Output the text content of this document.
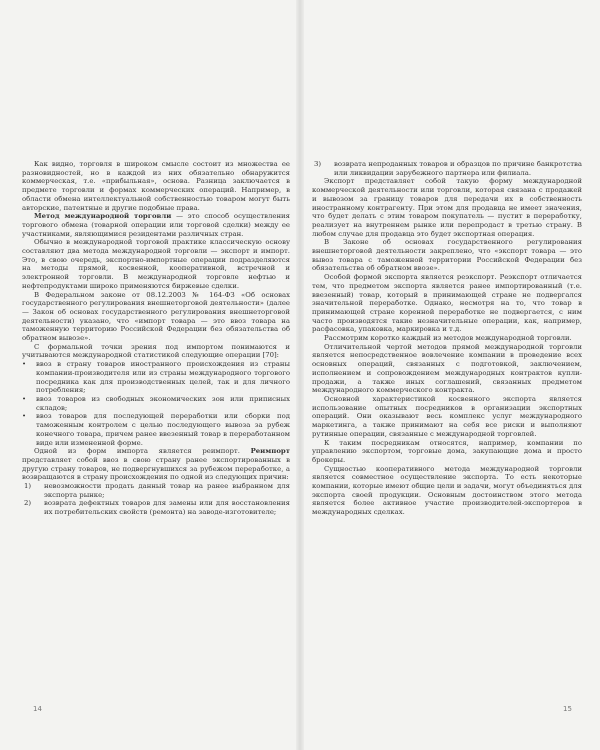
Как видно, торговля в широком смысле состоит из множества ее разновидностей, но в каждой из них обязательно обнаружится коммерческая, т.е. «прибыльная», основа. Разница заключается в предмете торговли и формах коммерческих операций. Например, в области обмена интеллектуальной собственностью товаром могут быть авторские, патентные и другие подобные права.

Метод международной торговли — это способ осуществления торгового обмена (товарной операции или торговой сделки) между ее участниками, являющимися резидентами различных стран.

Обычно в международной торговой практике классическую основу составляют два метода международной торговли — экспорт и импорт. Это, в свою очередь, экспортно-импортные операции подразделяются на методы прямой, косвенной, кооперативной, встречной и электронной торговли. В международной торговле нефтью и нефтепродуктами широко применяются биржевые сделки.

В Федеральном законе от 08.12.2003 № 164-ФЗ «Об основах государственного регулирования внешнеторговой деятельности» (далее — Закон об основах государственного регулирования внешнеторговой деятельности) указано, что «импорт товара — это ввоз товара на таможенную территорию Российской Федерации без обязательства об обратном вывозе».

С формальной точки зрения под импортом понимаются и учитываются международной статистикой следующие операции [70]:

• ввоз в страну товаров иностранного происхождения из страны компании-производителя или из страны международного торгового посредника как для производственных целей, так и для личного потребления;
• ввоз товаров из свободных экономических зон или приписных складов;
• ввоз товаров для последующей переработки или сборки под таможенным контролем с целью последующего вывоза за рубеж конечного товара, причем ранее ввезенный товар в переработанном виде или измененной форме.

Одной из форм импорта является реимпорт. Реимпорт представляет собой ввоз в свою страну ранее экспортированных в другую страну товаров, не подвергнувшихся за рубежом переработке, а возвращаются в страну происхождения по одной из следующих причин:

1) невозможности продать данный товар на ранее выбранном для экспорта рынке;
2) возврата дефектных товаров для замены или для восстановления их потребительских свойств (ремонта) на заводе-изготовителе;
14
3) возврата непроданных товаров и образцов по причине банкротства или ликвидации зарубежного партнера или филиала.

Экспорт представляет собой такую форму международной коммерческой деятельности или торговли, которая связана с продажей и вывозом за границу товаров для передачи их в собственность иностранному контрагенту. При этом для продавца не имеет значения, что будет делать с этим товаром покупатель — пустит в переработку, реализует на внутреннем рынке или перепродаст в третью страну. В любом случае для продавца это будет экспортная операция.

В Законе об основах государственного регулирования внешнеторговой деятельности закреплено, что «экспорт товара — это вывоз товара с таможенной территории Российской Федерации без обязательства об обратном ввозе».

Особой формой экспорта является реэкспорт. Реэкспорт отличается тем, что предметом экспорта является ранее импортированный (т.е. ввезенный) товар, который в принимающей стране не подвергался значительной переработке. Однако, несмотря на то, что товар в принимающей стране коренной переработке не подвергается, с ним часто производятся такие незначительные операции, как, например, расфасовка, упаковка, маркировка и т.д.

Рассмотрим коротко каждый из методов международной торговли.

Отличительной чертой методов прямой международной торговли является непосредственное вовлечение компании в проведение всех основных операций, связанных с подготовкой, заключением, исполнением и сопровождением международных контрактов купли-продажи, а также иных соглашений, связанных предметом международного коммерческого контракта.

Основной характеристикой косвенного экспорта является использование опытных посредников в организации экспортных операций. Они оказывают весь комплекс услуг международного маркетинга, а также принимают на себя все риски и выполняют рутинные операции, связанные с международной торговлей.

К таким посредникам относятся, например, компании по управлению экспортом, торговые дома, закупающие дома и просто брокеры.

Сущностью кооперативного метода международной торговли является совместное осуществление экспорта. То есть некоторые компании, которые имеют общие цели и задачи, могут объединяться для экспорта своей продукции. Основным достоинством этого метода является более активное участие производителей-экспортеров в международных сделках.

15
